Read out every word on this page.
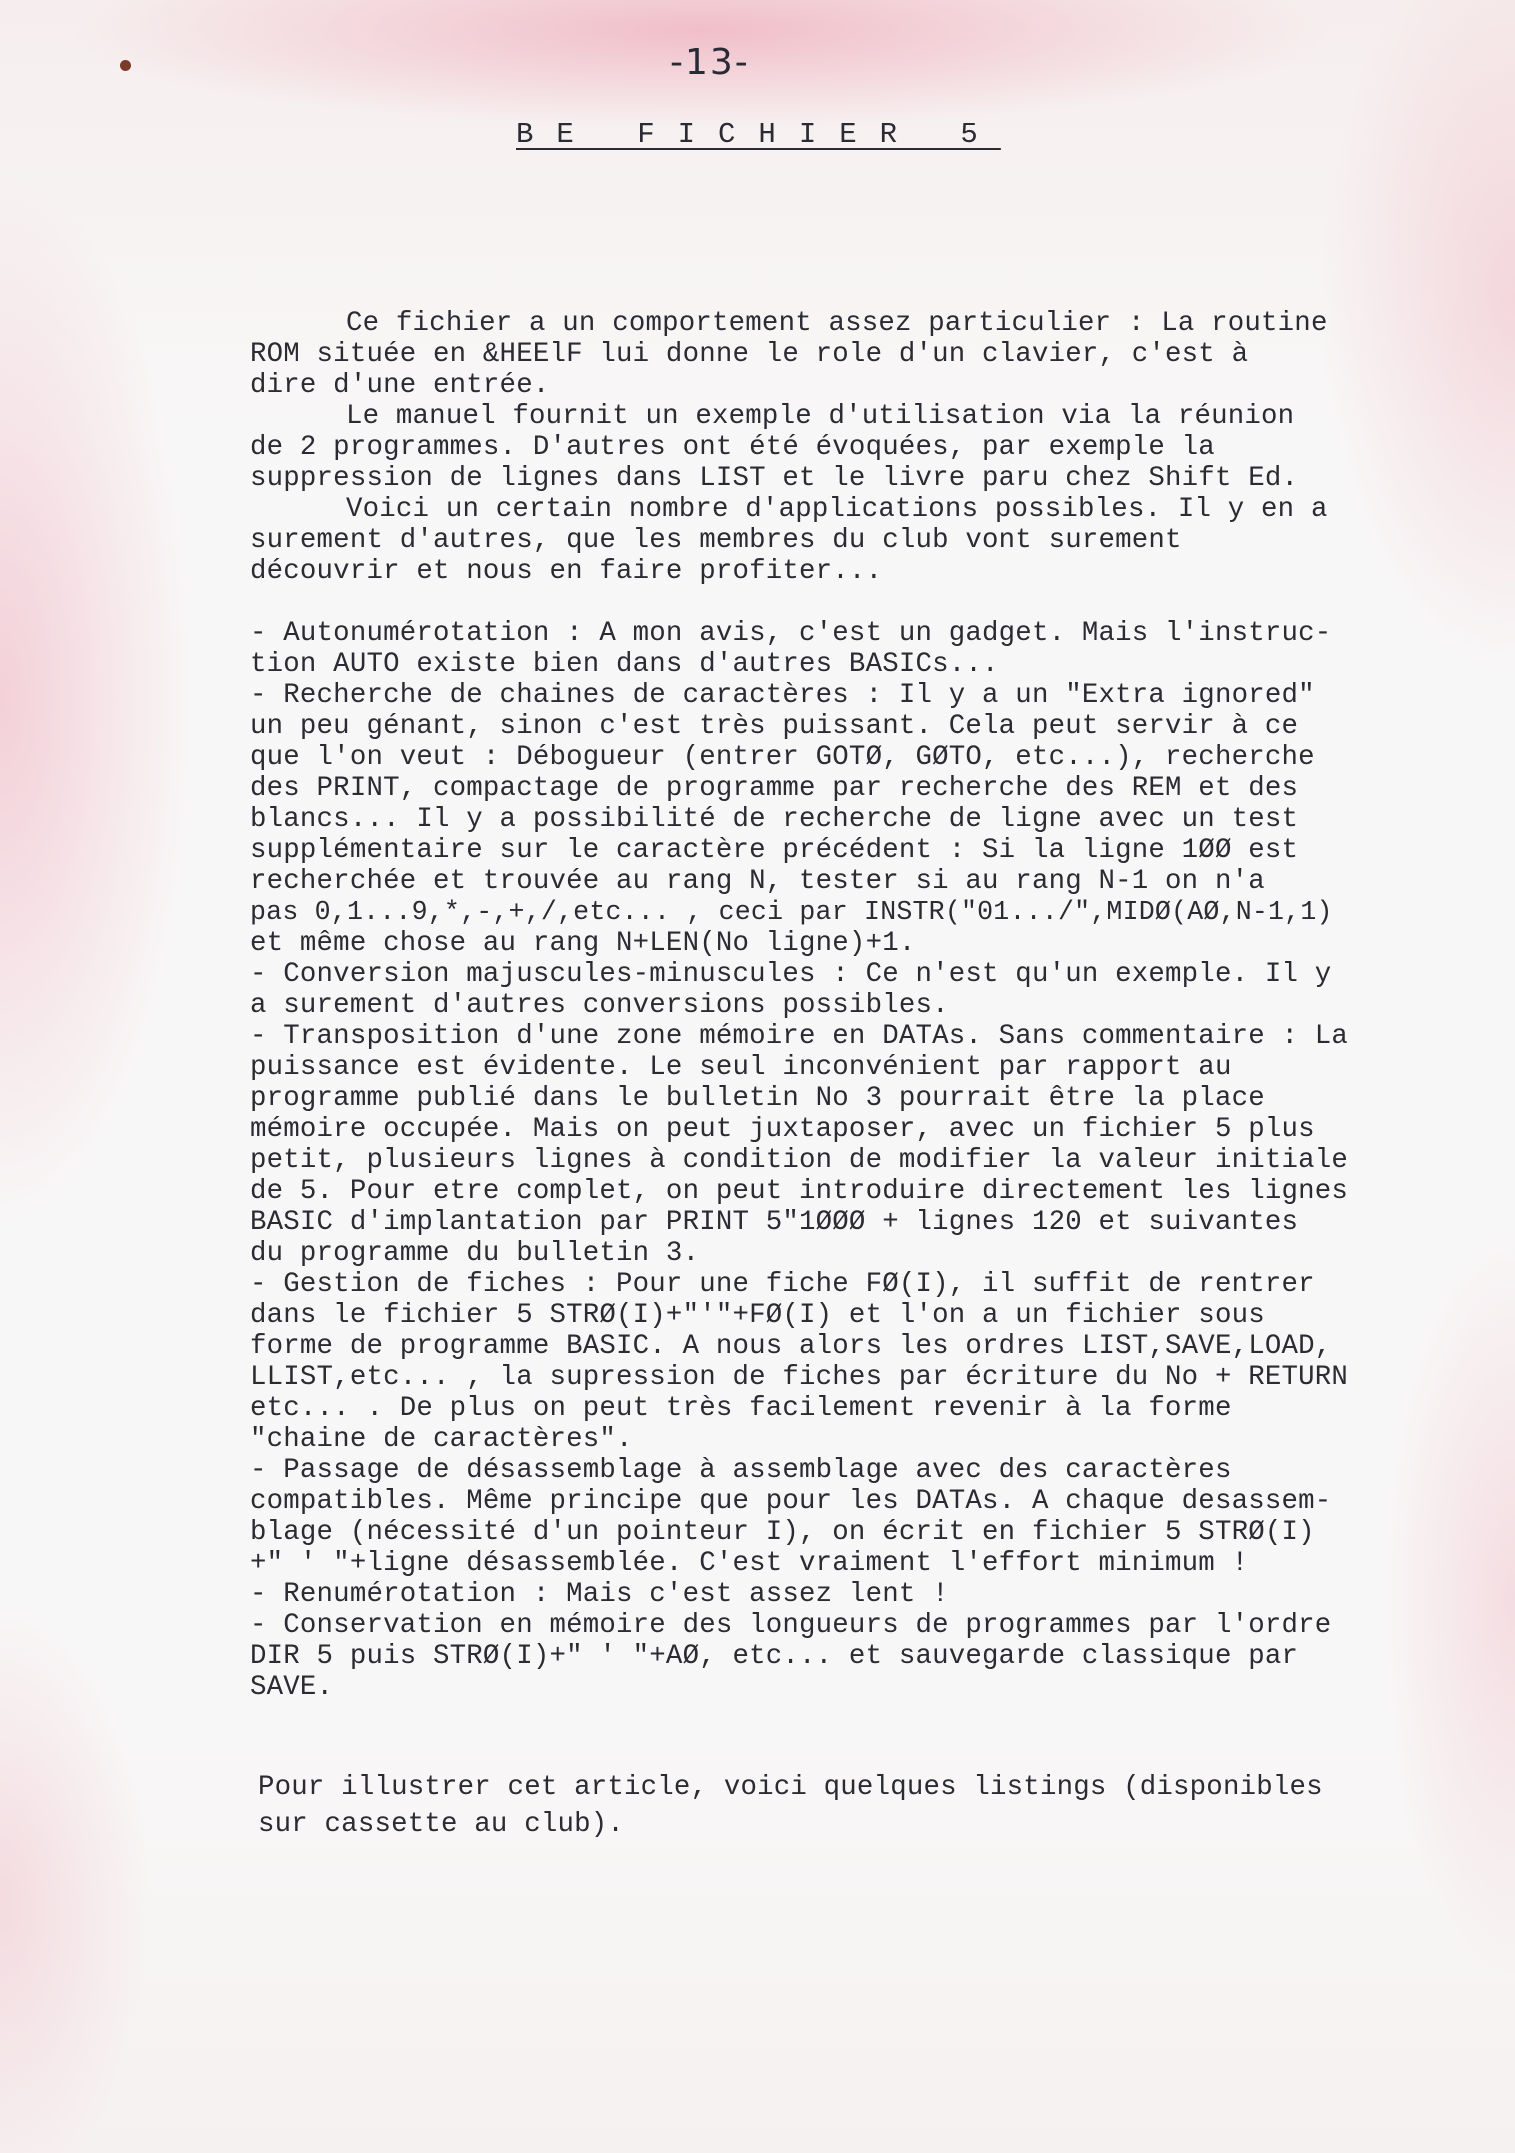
-13-
BE FICHIER 5
Ce fichier a un comportement assez particulier : La routine
ROM située en &HEElF lui donne le role d'un clavier, c'est à
dire d'une entrée.
Le manuel fournit un exemple d'utilisation via la réunion
de 2 programmes. D'autres ont été évoquées, par exemple la
suppression de lignes dans LIST et le livre paru chez Shift Ed.
Voici un certain nombre d'applications possibles. Il y en a
surement d'autres, que les membres du club vont surement
découvrir et nous en faire profiter...
- Autonumérotation : A mon avis, c'est un gadget. Mais l'instruc-
tion AUTO existe bien dans d'autres BASICs...
- Recherche de chaines de caractères : Il y a un "Extra ignored"
un peu génant, sinon c'est très puissant. Cela peut servir à ce
que l'on veut : Débogueur (entrer GOTØ, GØTO, etc...), recherche
des PRINT, compactage de programme par recherche des REM et des
blancs... Il y a possibilité de recherche de ligne avec un test
supplémentaire sur le caractère précédent : Si la ligne 1ØØ est
recherchée et trouvée au rang N, tester si au rang N-1 on n'a
pas 0,1...9,*,-,+,/,etc... , ceci par INSTR("01.../",MIDØ(AØ,N-1,1)
et même chose au rang N+LEN(No ligne)+1.
- Conversion majuscules-minuscules : Ce n'est qu'un exemple. Il y
a surement d'autres conversions possibles.
- Transposition d'une zone mémoire en DATAs. Sans commentaire : La
puissance est évidente. Le seul inconvénient par rapport au
programme publié dans le bulletin No 3 pourrait être la place
mémoire occupée. Mais on peut juxtaposer, avec un fichier 5 plus
petit, plusieurs lignes à condition de modifier la valeur initiale
de 5. Pour etre complet, on peut introduire directement les lignes
BASIC d'implantation par PRINT 5"1ØØØ + lignes 120 et suivantes
du programme du bulletin 3.
- Gestion de fiches : Pour une fiche FØ(I), il suffit de rentrer
dans le fichier 5 STRØ(I)+"'"+FØ(I) et l'on a un fichier sous
forme de programme BASIC. A nous alors les ordres LIST,SAVE,LOAD,
LLIST,etc... , la supression de fiches par écriture du No + RETURN
etc... . De plus on peut très facilement revenir à la forme
"chaine de caractères".
- Passage de désassemblage à assemblage avec des caractères
compatibles. Même principe que pour les DATAs. A chaque desassem-
blage (nécessité d'un pointeur I), on écrit en fichier 5 STRØ(I)
+" ' "+ligne désassemblée. C'est vraiment l'effort minimum !
- Renumérotation : Mais c'est assez lent !
- Conservation en mémoire des longueurs de programmes par l'ordre
DIR 5 puis STRØ(I)+" ' "+AØ, etc... et sauvegarde classique par
SAVE.
Pour illustrer cet article, voici quelques listings (disponibles
sur cassette au club).
